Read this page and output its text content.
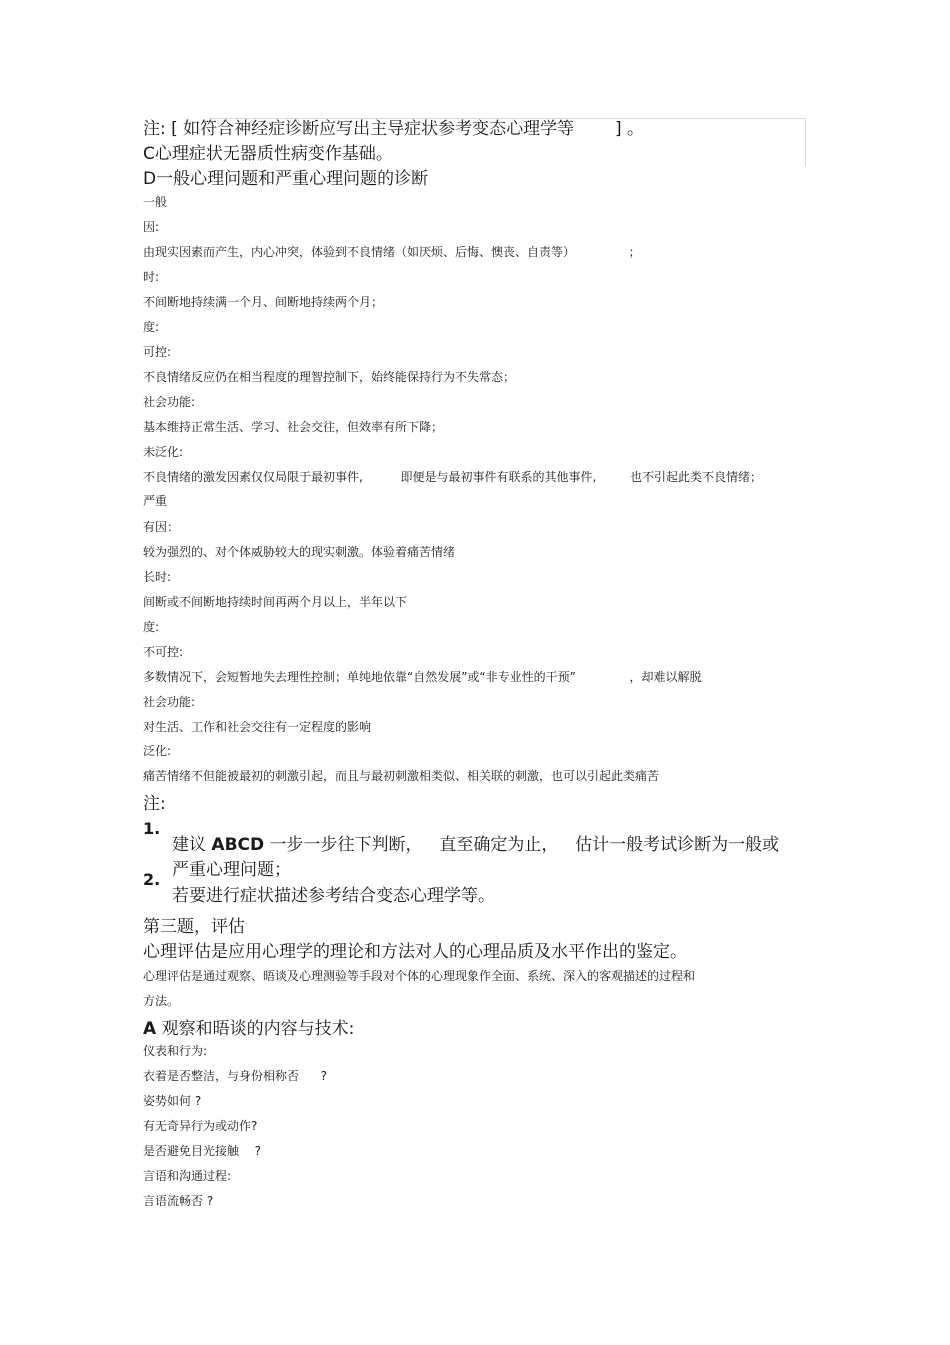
注: [ 如符合神经症诊断应写出主导症状参考变态心理学等 ] 。

C心理症状无器质性病变作基础。

D一般心理问题和严重心理问题的诊断

一般

因:

由现实因素而产生，内心冲突，体验到不良情绪（如厌烦、后悔、懊丧、自责等）	；

时:

不间断地持续满一个月、间断地持续两个月；

度:

可控:

不良情绪反应仍在相当程度的理智控制下，始终能保持行为不失常态；

社会功能:

基本维持正常生活、学习、社会交往，但效率有所下降；

未泛化:

不良情绪的激发因素仅仅局限于最初事件,	即便是与最初事件有联系的其他事件,	也不引起此类不良情绪；

严重

有因：

较为强烈的、对个体威胁较大的现实刺激。体验着痛苦情绪

长时:

间断或不间断地持续时间再两个月以上，半年以下

度:

不可控:

多数情况下，会短暂地失去理性控制；单纯地依靠“自然发展”或“非专业性的干预”	，却难以解脱

社会功能:

对生活、工作和社会交往有一定程度的影响

泛化:

痛苦情绪不但能被最初的刺激引起，而且与最初刺激相类似、相关联的刺激，也可以引起此类痛苦

注:

1.

建议 ABCD 一步一步往下判断， 直至确定为止， 估计一般考试诊断为一般或

严重心理问题；

2.

若要进行症状描述参考结合变态心理学等。

第三题，评估

心理评估是应用心理学的理论和方法对人的心理品质及水平作出的鉴定。

心理评估是通过观察、晤谈及心理测验等手段对个体的心理现象作全面、系统、深入的客观描述的过程和

方法。

A 观察和晤谈的内容与技术:

仪表和行为:

衣着是否整洁，与身份相称否 ?

姿势如何 ?

有无奇异行为或动作?

是否避免目光接触 ?

言语和沟通过程:

言语流畅否 ?
